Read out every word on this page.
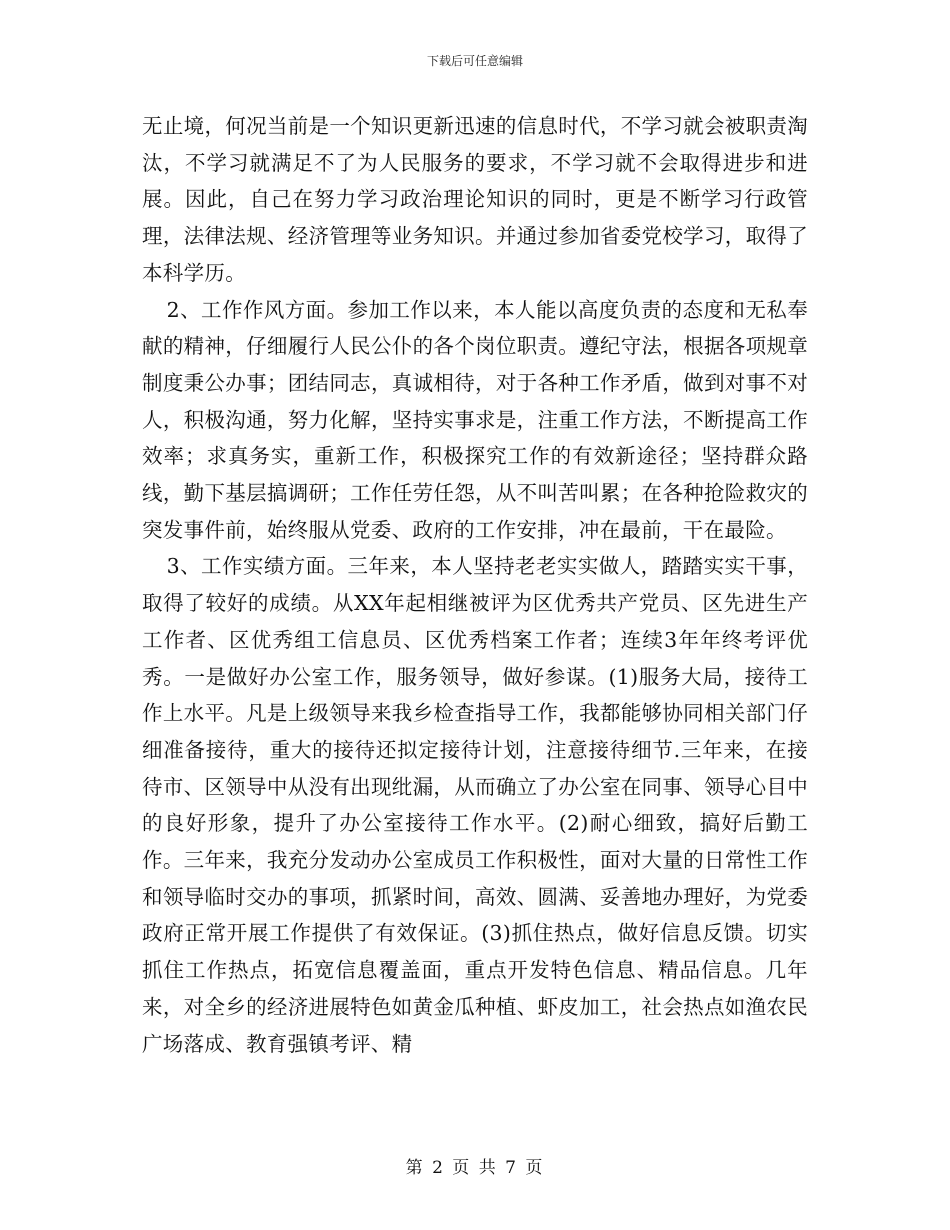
下载后可任意编辑

无止境，何况当前是一个知识更新迅速的信息时代，不学习就会被职责淘汰，不学习就满足不了为人民服务的要求，不学习就不会取得进步和进展。因此，自己在努力学习政治理论知识的同时，更是不断学习行政管理，法律法规、经济管理等业务知识。并通过参加省委党校学习，取得了本科学历。

2、工作作风方面。参加工作以来，本人能以高度负责的态度和无私奉献的精神，仔细履行人民公仆的各个岗位职责。遵纪守法，根据各项规章制度秉公办事；团结同志，真诚相待，对于各种工作矛盾，做到对事不对人，积极沟通，努力化解，坚持实事求是，注重工作方法，不断提高工作效率；求真务实，重新工作，积极探究工作的有效新途径；坚持群众路线，勤下基层搞调研；工作任劳任怨，从不叫苦叫累；在各种抢险救灾的突发事件前，始终服从党委、政府的工作安排，冲在最前，干在最险。

3、工作实绩方面。三年来，本人坚持老老实实做人，踏踏实实干事，取得了较好的成绩。从XX年起相继被评为区优秀共产党员、区先进生产工作者、区优秀组工信息员、区优秀档案工作者；连续3年年终考评优秀。一是做好办公室工作，服务领导，做好参谋。(1)服务大局，接待工作上水平。凡是上级领导来我乡检查指导工作，我都能够协同相关部门仔细准备接待，重大的接待还拟定接待计划，注意接待细节.三年来，在接待市、区领导中从没有出现纰漏，从而确立了办公室在同事、领导心目中的良好形象，提升了办公室接待工作水平。(2)耐心细致，搞好后勤工作。三年来，我充分发动办公室成员工作积极性，面对大量的日常性工作和领导临时交办的事项，抓紧时间，高效、圆满、妥善地办理好，为党委政府正常开展工作提供了有效保证。(3)抓住热点，做好信息反馈。切实抓住工作热点，拓宽信息覆盖面，重点开发特色信息、精品信息。几年来，对全乡的经济进展特色如黄金瓜种植、虾皮加工，社会热点如渔农民广场落成、教育强镇考评、精

第 2 页 共 7 页
